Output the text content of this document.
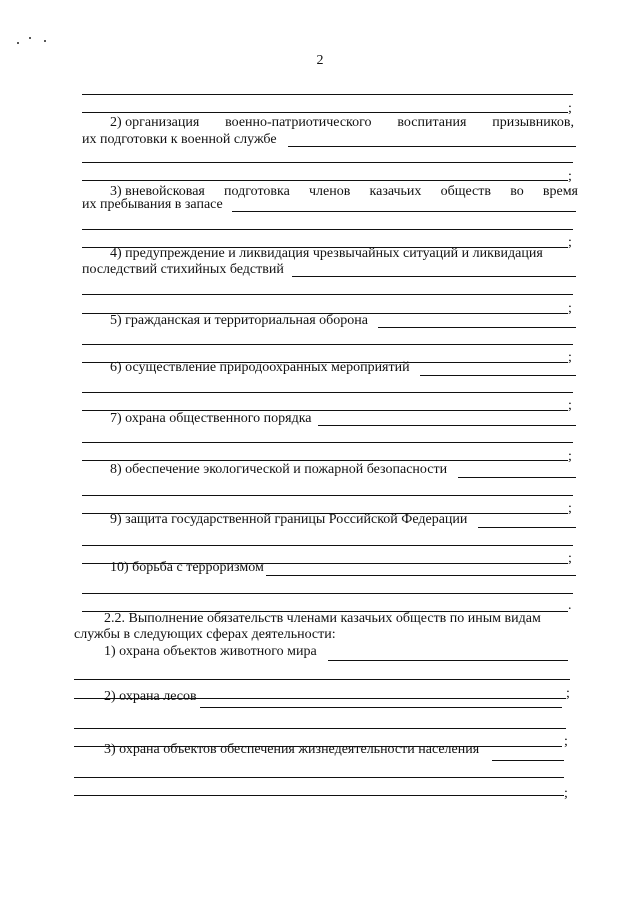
2
;
2) организация военно-патриотического воспитания призывников,
их подготовки к военной службе
;
3) вневойсковая подготовка членов казачьих обществ во время
их пребывания в запасе
;
4) предупреждение и ликвидация чрезвычайных ситуаций и ликвидация
последствий стихийных бедствий
;
5) гражданская и территориальная оборона
;
6) осуществление природоохранных мероприятий
;
7) охрана общественного порядка
;
8) обеспечение экологической и пожарной безопасности
;
9) защита государственной границы Российской Федерации
;
10) борьба с терроризмом
.
2.2. Выполнение обязательств членами казачьих обществ по иным видам
службы в следующих сферах деятельности:
1) охрана объектов животного мира
;
2) охрана лесов
;
3) охрана объектов обеспечения жизнедеятельности населения
;
